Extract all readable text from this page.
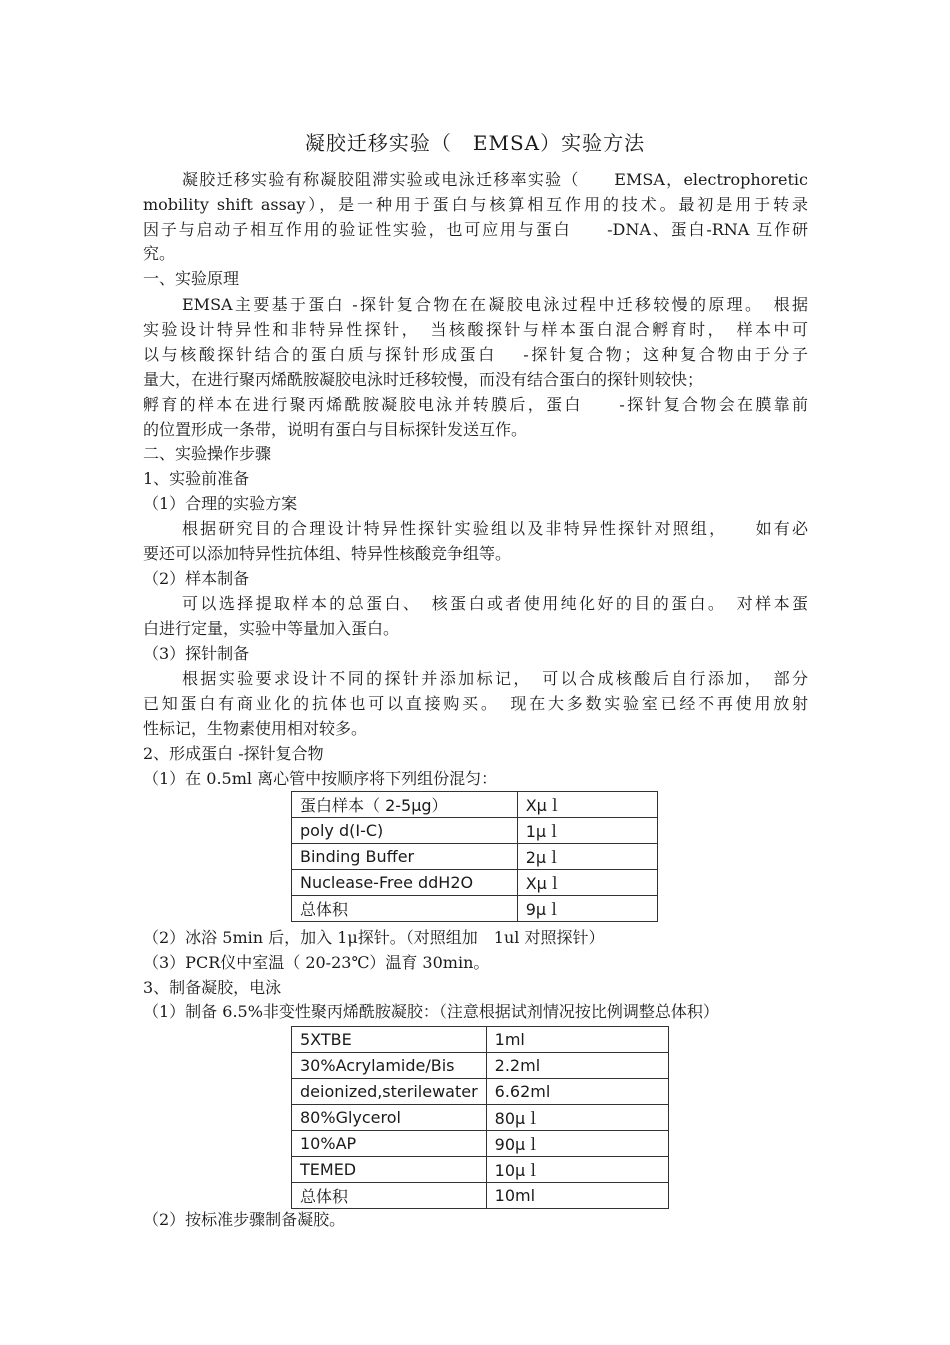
凝胶迁移实验（　EMSA）实验方法
凝胶迁移实验有称凝胶阻滞实验或电泳迁移率实验（　　EMSA，electrophoretic
mobility shift assay），是一种用于蛋白与核算相互作用的技术。最初是用于转录
因子与启动子相互作用的验证性实验，也可应用与蛋白　　-DNA、蛋白-RNA 互作研
究。
一、实验原理
EMSA主要基于蛋白 -探针复合物在在凝胶电泳过程中迁移较慢的原理。　根据
实验设计特异性和非特异性探针，　当核酸探针与样本蛋白混合孵育时，　样本中可
以与核酸探针结合的蛋白质与探针形成蛋白　 -探针复合物；这种复合物由于分子
量大，在进行聚丙烯酰胺凝胶电泳时迁移较慢，而没有结合蛋白的探针则较快；
孵育的样本在进行聚丙烯酰胺凝胶电泳并转膜后，蛋白　　-探针复合物会在膜靠前
的位置形成一条带，说明有蛋白与目标探针发送互作。
二、实验操作步骤
1、实验前准备
（1）合理的实验方案
根据研究目的合理设计特异性探针实验组以及非特异性探针对照组，　　如有必
要还可以添加特异性抗体组、特异性核酸竞争组等。
（2）样本制备
可以选择提取样本的总蛋白、　核蛋白或者使用纯化好的目的蛋白。　对样本蛋
白进行定量，实验中等量加入蛋白。
（3）探针制备
根据实验要求设计不同的探针并添加标记，　可以合成核酸后自行添加，　部分
已知蛋白有商业化的抗体也可以直接购买。　现在大多数实验室已经不再使用放射
性标记，生物素使用相对较多。
2、形成蛋白 -探针复合物
（1）在 0.5ml 离心管中按顺序将下列组份混匀：
蛋白样本（ 2-5μg）	Xμｌ
poly d(I-C)	1μｌ
Binding Buffer	2μｌ
Nuclease-Free ddH2O	Xμｌ
总体积	9μｌ
（2）冰浴 5min 后，加入 1μ探针。（对照组加　1ul 对照探针）
（3）PCR仪中室温（ 20-23℃）温育 30min。
3、制备凝胶，电泳
（1）制备 6.5%非变性聚丙烯酰胺凝胶：（注意根据试剂情况按比例调整总体积）
5XTBE	1ml
30%Acrylamide/Bis	2.2ml
deionized,sterilewater	6.62ml
80%Glycerol	80μｌ
10%AP	90μｌ
TEMED	10μｌ
总体积	10ml
（2）按标准步骤制备凝胶。
